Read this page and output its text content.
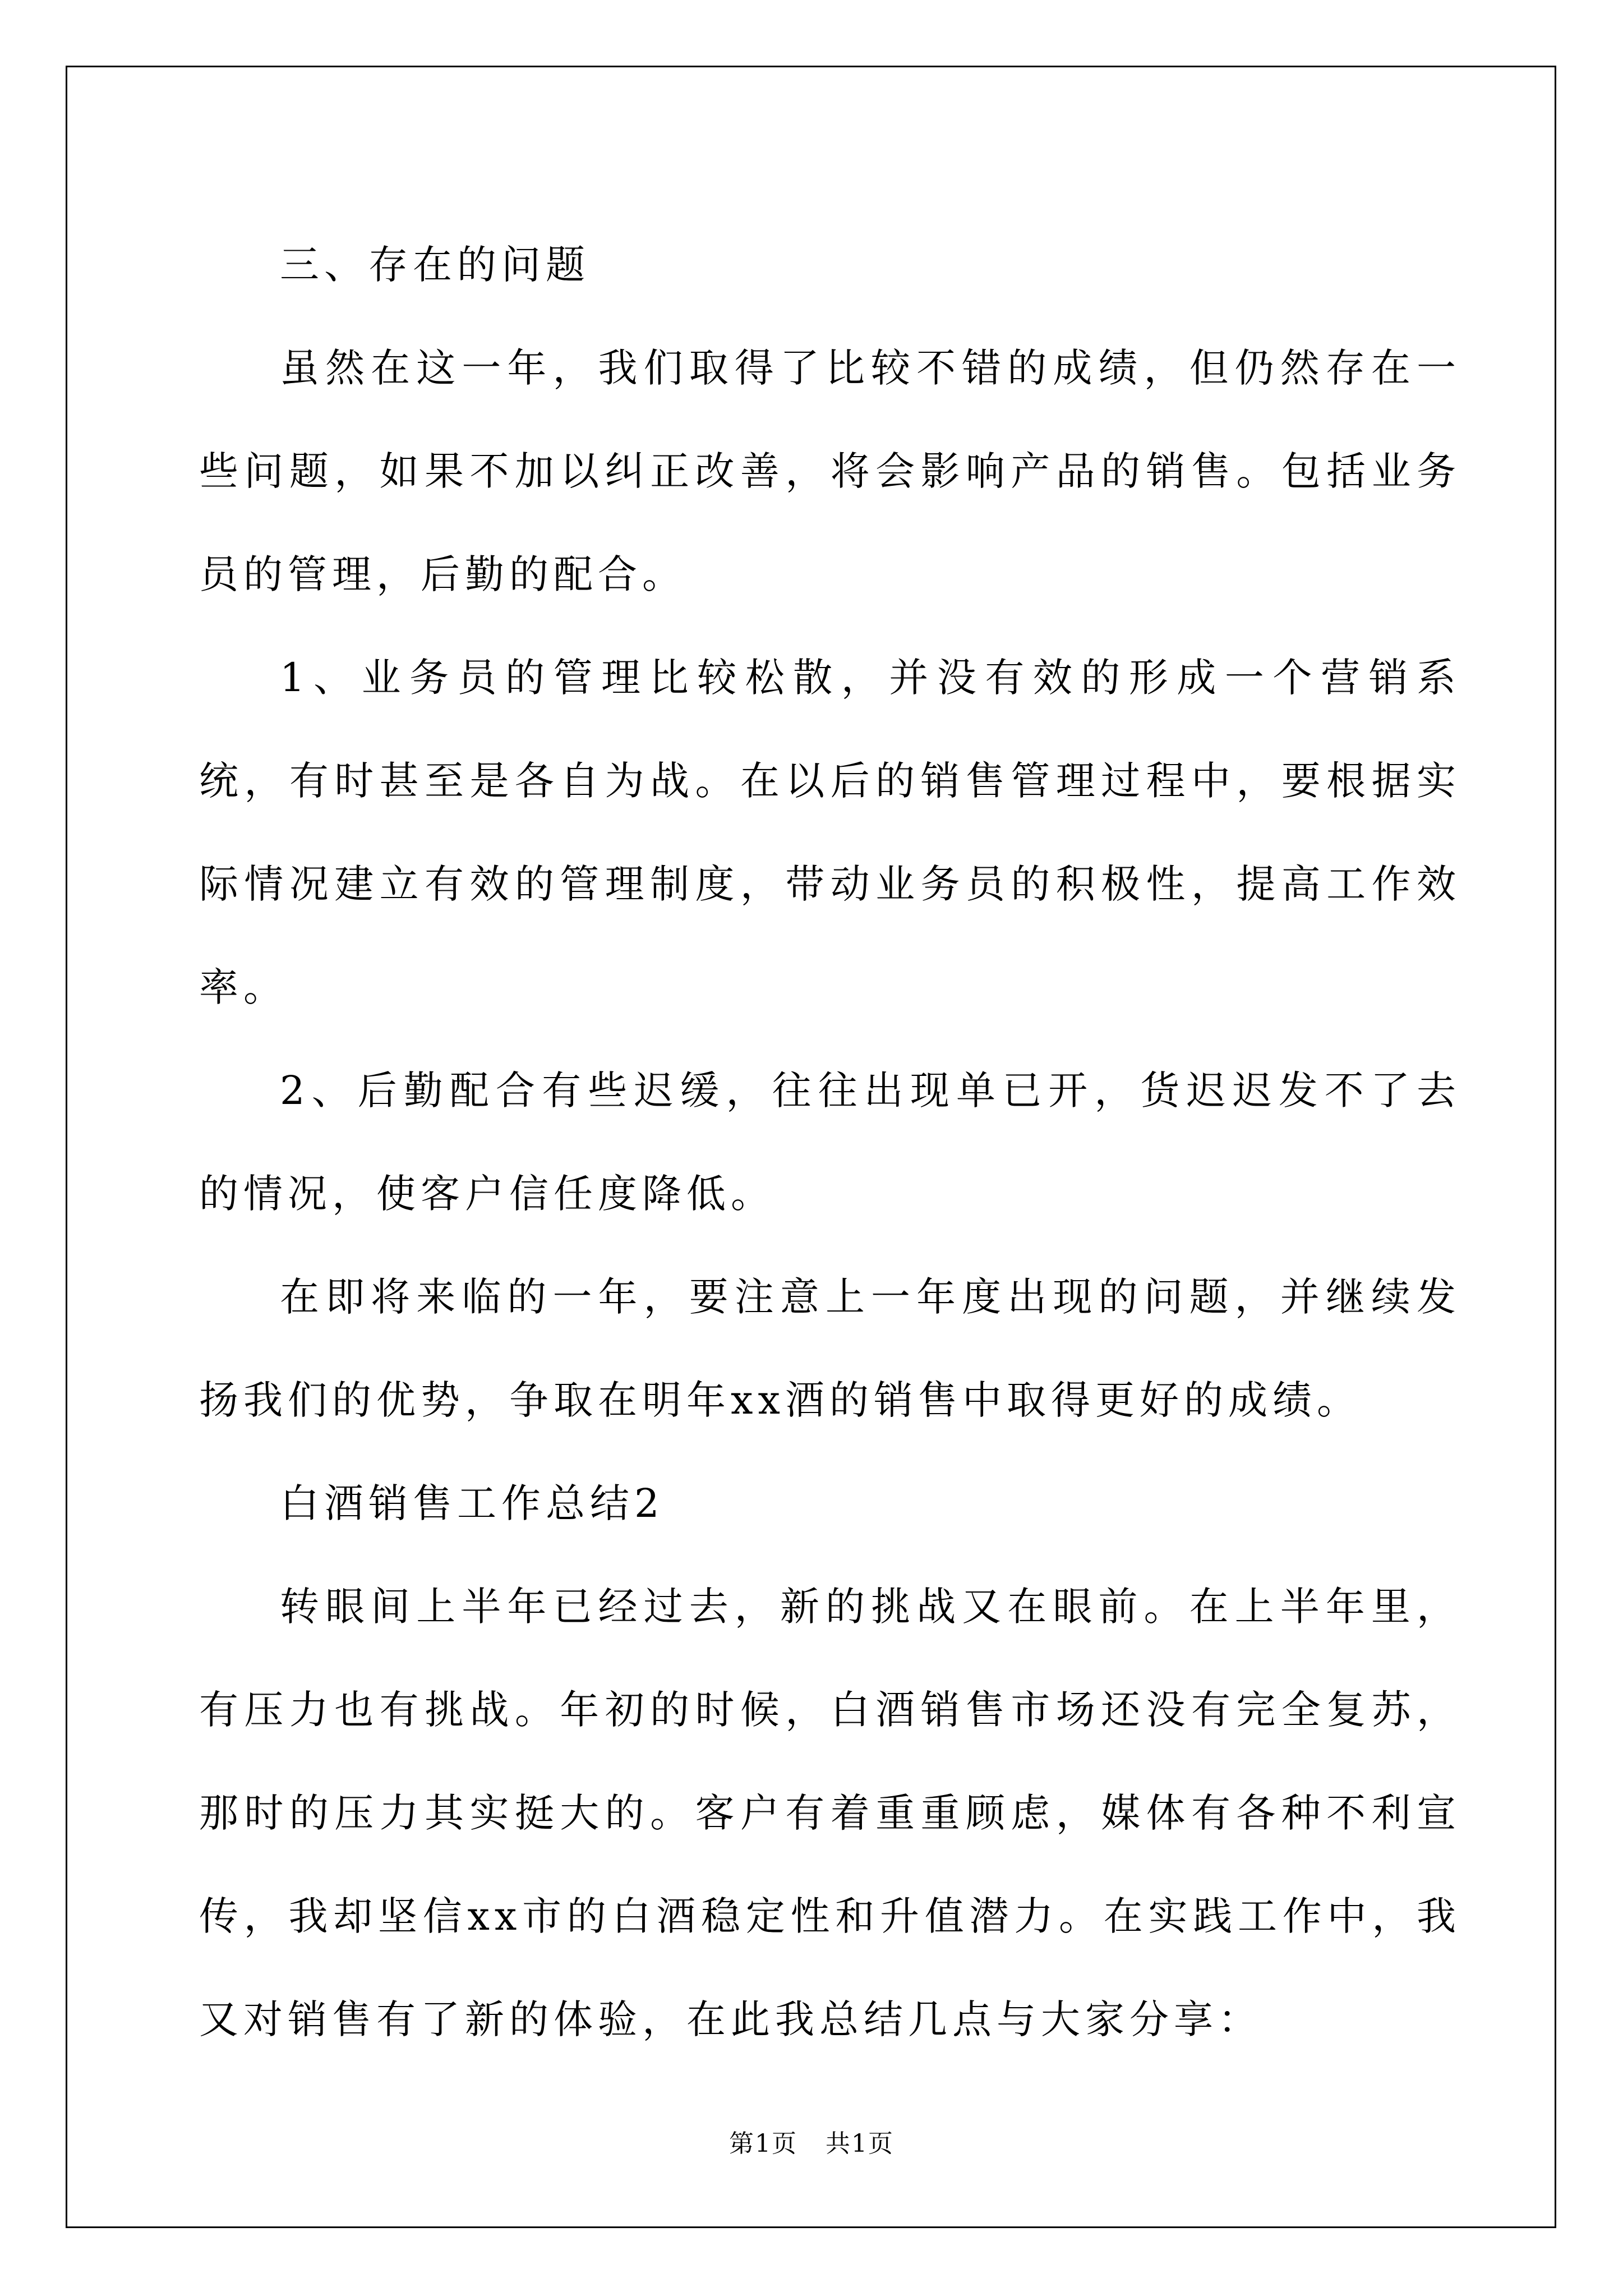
三、存在的问题

虽然在这一年，我们取得了比较不错的成绩，但仍然存在一些问题，如果不加以纠正改善，将会影响产品的销售。包括业务员的管理，后勤的配合。

1、业务员的管理比较松散，并没有效的形成一个营销系统，有时甚至是各自为战。在以后的销售管理过程中，要根据实际情况建立有效的管理制度，带动业务员的积极性，提高工作效率。

2、后勤配合有些迟缓，往往出现单已开，货迟迟发不了去的情况，使客户信任度降低。

在即将来临的一年，要注意上一年度出现的问题，并继续发扬我们的优势，争取在明年xx酒的销售中取得更好的成绩。

白酒销售工作总结2

转眼间上半年已经过去，新的挑战又在眼前。在上半年里，有压力也有挑战。年初的时候，白酒销售市场还没有完全复苏，那时的压力其实挺大的。客户有着重重顾虑，媒体有各种不利宣传，我却坚信xx市的白酒稳定性和升值潜力。在实践工作中，我又对销售有了新的体验，在此我总结几点与大家分享：

第1页 共1页
